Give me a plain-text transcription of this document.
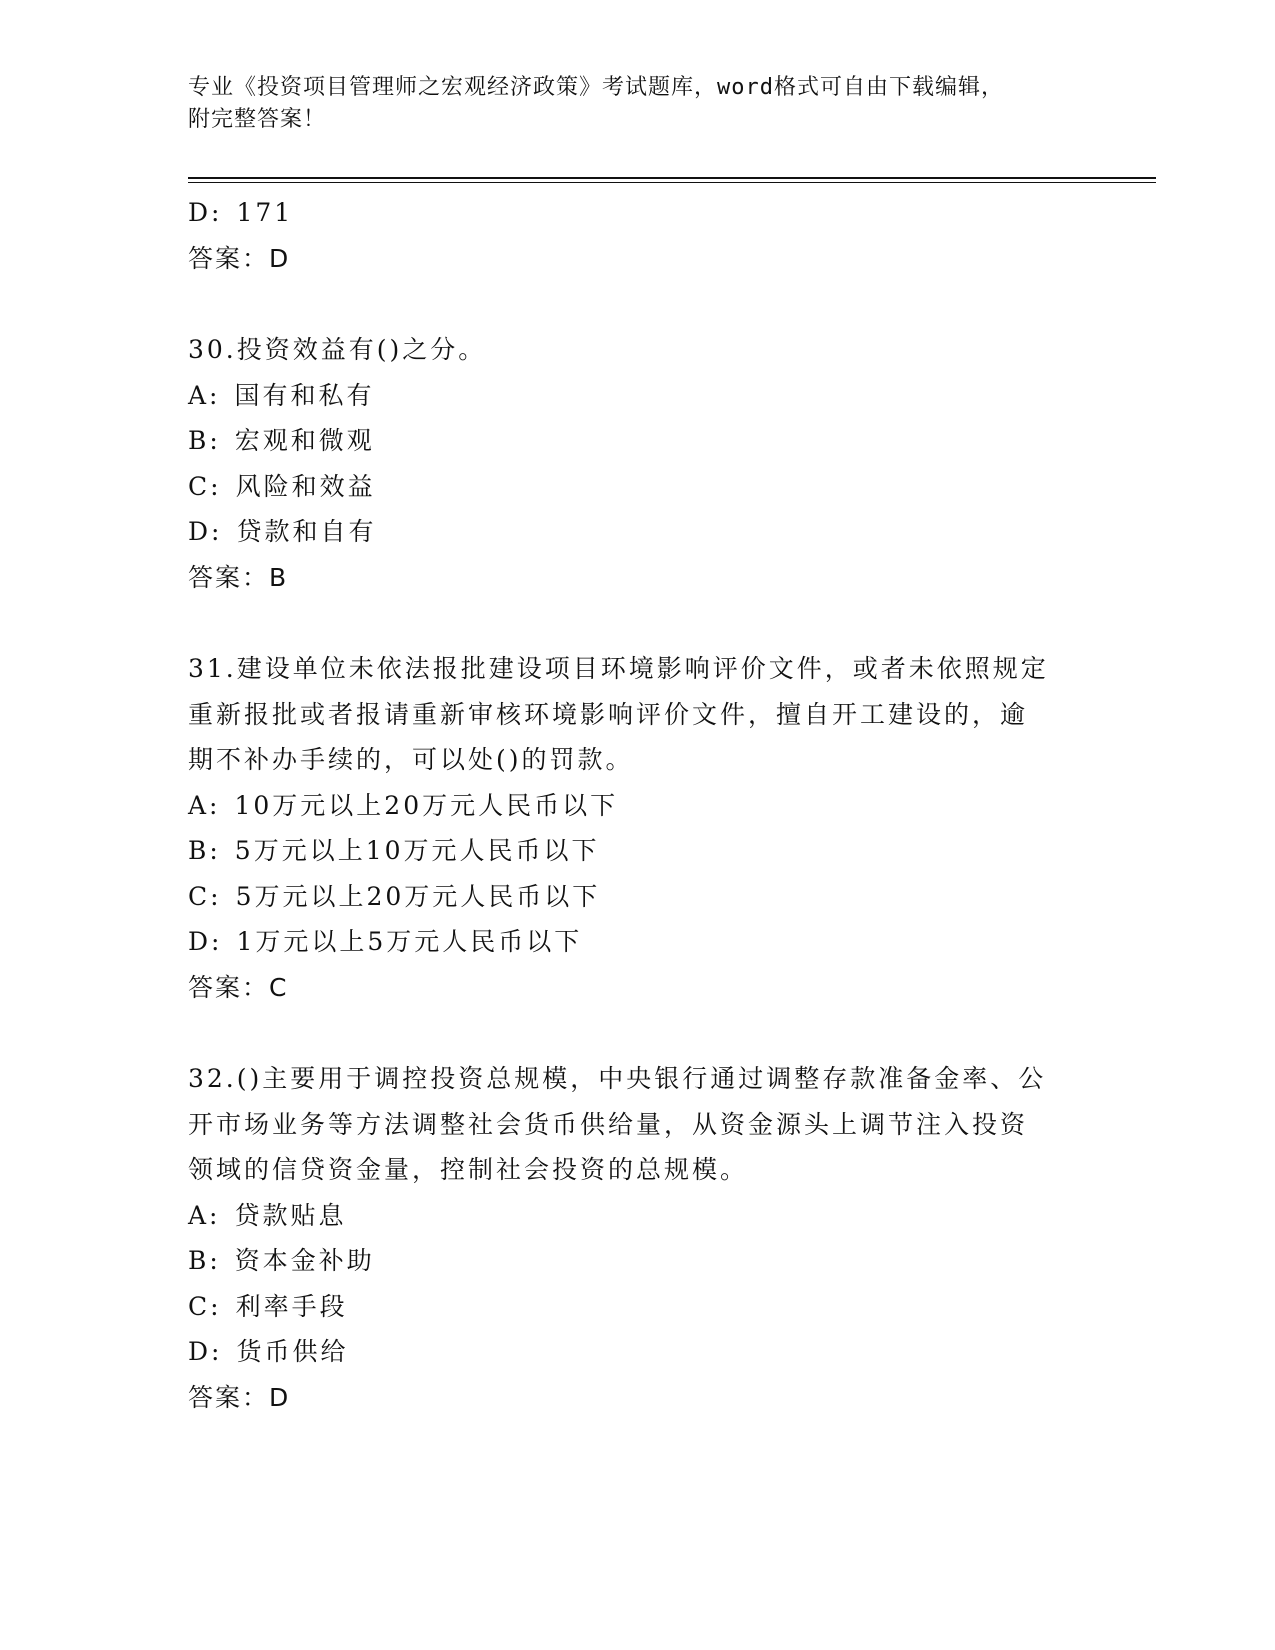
专业《投资项目管理师之宏观经济政策》考试题库，word格式可自由下载编辑，
附完整答案！
D: 171
答案：D
30.投资效益有()之分。
A: 国有和私有
B: 宏观和微观
C: 风险和效益
D: 贷款和自有
答案：B
31.建设单位未依法报批建设项目环境影响评价文件，或者未依照规定
重新报批或者报请重新审核环境影响评价文件，擅自开工建设的，逾
期不补办手续的，可以处()的罚款。
A: 10万元以上20万元人民币以下
B: 5万元以上10万元人民币以下
C: 5万元以上20万元人民币以下
D: 1万元以上5万元人民币以下
答案：C
32.()主要用于调控投资总规模，中央银行通过调整存款准备金率、公
开市场业务等方法调整社会货币供给量，从资金源头上调节注入投资
领域的信贷资金量，控制社会投资的总规模。
A: 贷款贴息
B: 资本金补助
C: 利率手段
D: 货币供给
答案：D
